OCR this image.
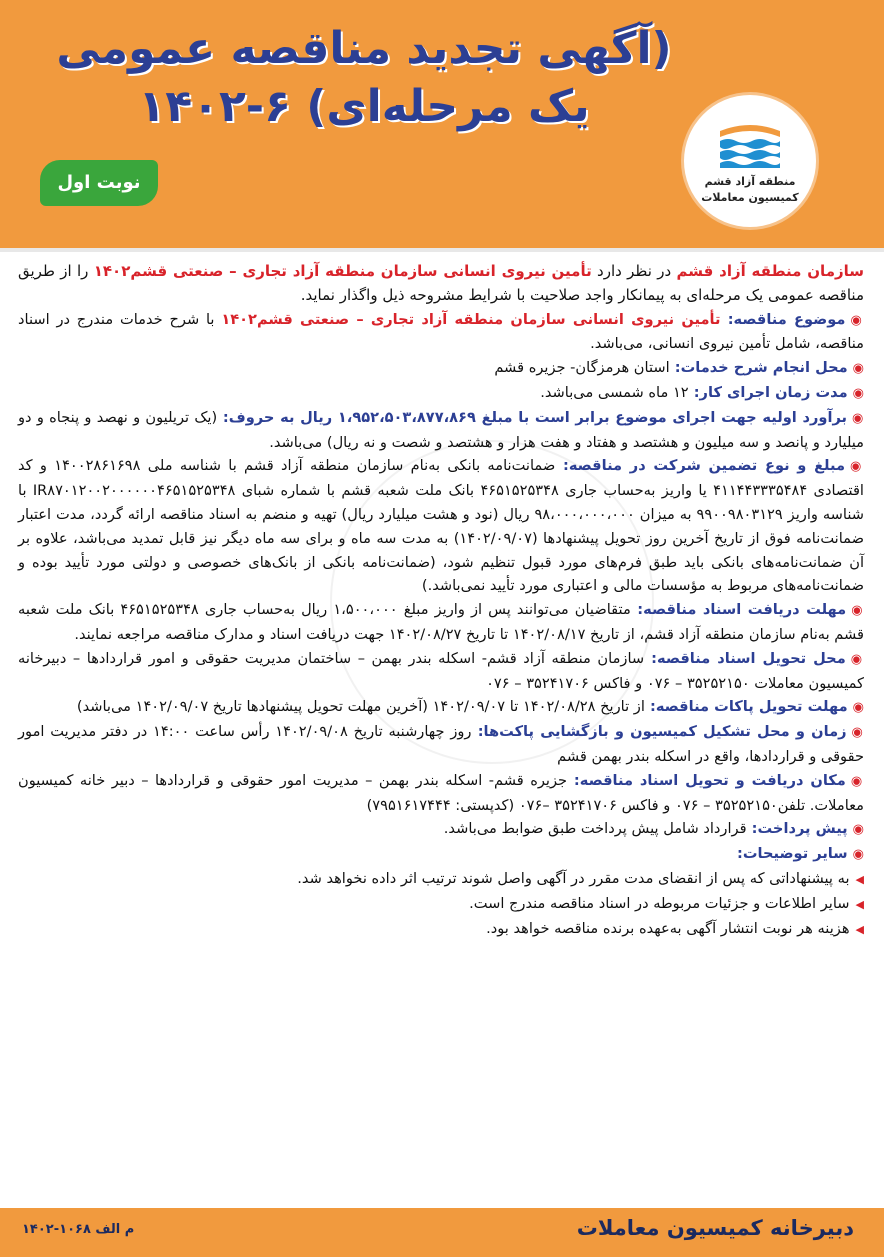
(آگهی تجدید مناقصه عمومی
یک مرحله‌ای) ۶-۱۴۰۲
نوبت اول	منطقه آزاد قشم
کمیسیون معاملات

سازمان منطقه آزاد قشم در نظر دارد تأمین نیروی انسانی سازمان منطقه آزاد تجاری – صنعتی قشم۱۴۰۲ را از طریق مناقصه عمومی یک مرحله‌ای به پیمانکار واجد صلاحیت با شرایط مشروحه ذیل واگذار نماید.

◉موضوع مناقصه: تأمین نیروی انسانی سازمان منطقه آزاد تجاری – صنعتی قشم۱۴۰۲ با شرح خدمات مندرج در اسناد مناقصه، شامل تأمین نیروی انسانی، می‌باشد.

◉محل انجام شرح خدمات: استان هرمزگان- جزیره قشم

◉مدت زمان اجرای کار: ۱۲ ماه شمسی می‌باشد.

◉برآورد اولیه جهت اجرای موضوع برابر است با مبلغ ۱،۹۵۲،۵۰۳،۸۷۷،۸۶۹ ریال به حروف: (یک تریلیون و نهصد و پنجاه و دو میلیارد و پانصد و سه میلیون و هشتصد و هفتاد و هفت هزار و هشتصد و شصت و نه ریال) می‌باشد.

◉مبلغ و نوع تضمین شرکت در مناقصه: ضمانت‌نامه بانکی به‌نام سازمان منطقه آزاد قشم با شناسه ملی ۱۴۰۰۲۸۶۱۶۹۸ و کد اقتصادی ۴۱۱۴۴۳۳۳۵۴۸۴ یا واریز به‌حساب جاری ۴۶۵۱۵۲۵۳۴۸ بانک ملت شعبه قشم با شماره شبای IR۸۷۰۱۲۰۰۲۰۰۰۰۰۰۴۶۵۱۵۲۵۳۴۸ با شناسه واریز ۹۹۰۰۹۸۰۳۱۲۹ به میزان ۹۸،۰۰۰،۰۰۰،۰۰۰ ریال (نود و هشت میلیارد ریال) تهیه و منضم به اسناد مناقصه ارائه گردد، مدت اعتبار ضمانت‌نامه فوق از تاریخ آخرین روز تحویل پیشنهادها (۱۴۰۲/۰۹/۰۷) به مدت سه ماه و برای سه ماه دیگر نیز قابل تمدید می‌باشد، علاوه بر آن ضمانت‌نامه‌های بانکی باید طبق فرم‌های مورد قبول تنظیم شود، (ضمانت‌نامه بانکی از بانک‌های خصوصی و دولتی مورد تأیید بوده و ضمانت‌نامه‌های مربوط به مؤسسات مالی و اعتباری مورد تأیید نمی‌باشد.)

◉مهلت دریافت اسناد مناقصه: متقاضیان می‌توانند پس از واریز مبلغ ۱،۵۰۰،۰۰۰ ریال به‌حساب جاری ۴۶۵۱۵۲۵۳۴۸ بانک ملت شعبه قشم به‌نام سازمان منطقه آزاد قشم، از تاریخ ۱۴۰۲/۰۸/۱۷ تا تاریخ ۱۴۰۲/۰۸/۲۷ جهت دریافت اسناد و مدارک مناقصه مراجعه نمایند.

◉محل تحویل اسناد مناقصه: سازمان منطقه آزاد قشم- اسکله بندر بهمن – ساختمان مدیریت حقوقی و امور قراردادها – دبیرخانه کمیسیون معاملات ۳۵۲۵۲۱۵۰ – ۰۷۶ و فاکس ۳۵۲۴۱۷۰۶ – ۰۷۶

◉مهلت تحویل پاکات مناقصه: از تاریخ ۱۴۰۲/۰۸/۲۸ تا ۱۴۰۲/۰۹/۰۷ (آخرین مهلت تحویل پیشنهادها تاریخ ۱۴۰۲/۰۹/۰۷ می‌باشد)

◉زمان و محل تشکیل کمیسیون و بازگشایی پاکت‌ها: روز چهارشنبه تاریخ ۱۴۰۲/۰۹/۰۸ رأس ساعت ۱۴:۰۰ در دفتر مدیریت امور حقوقی و قراردادها، واقع در اسکله بندر بهمن قشم

◉مکان دریافت و تحویل اسناد مناقصه: جزیره قشم- اسکله بندر بهمن – مدیریت امور حقوقی و قراردادها – دبیر خانه کمیسیون معاملات. تلفن۳۵۲۵۲۱۵۰ – ۰۷۶ و فاکس ۳۵۲۴۱۷۰۶ –۰۷۶ (کدپستی: ۷۹۵۱۶۱۷۴۴۴)

◉پیش پرداخت: قرارداد شامل پیش پرداخت طبق ضوابط می‌باشد.

◉سایر توضیحات:

◀به پیشنهاداتی که پس از انقضای مدت مقرر در آگهی واصل شوند ترتیب اثر داده نخواهد شد.

◀سایر اطلاعات و جزئیات مربوطه در اسناد مناقصه مندرج است.

◀هزینه هر نوبت انتشار آگهی به‌عهده برنده مناقصه خواهد بود.

دبیرخانه کمیسیون معاملات
م الف ۱۰۶۸-۱۴۰۲
